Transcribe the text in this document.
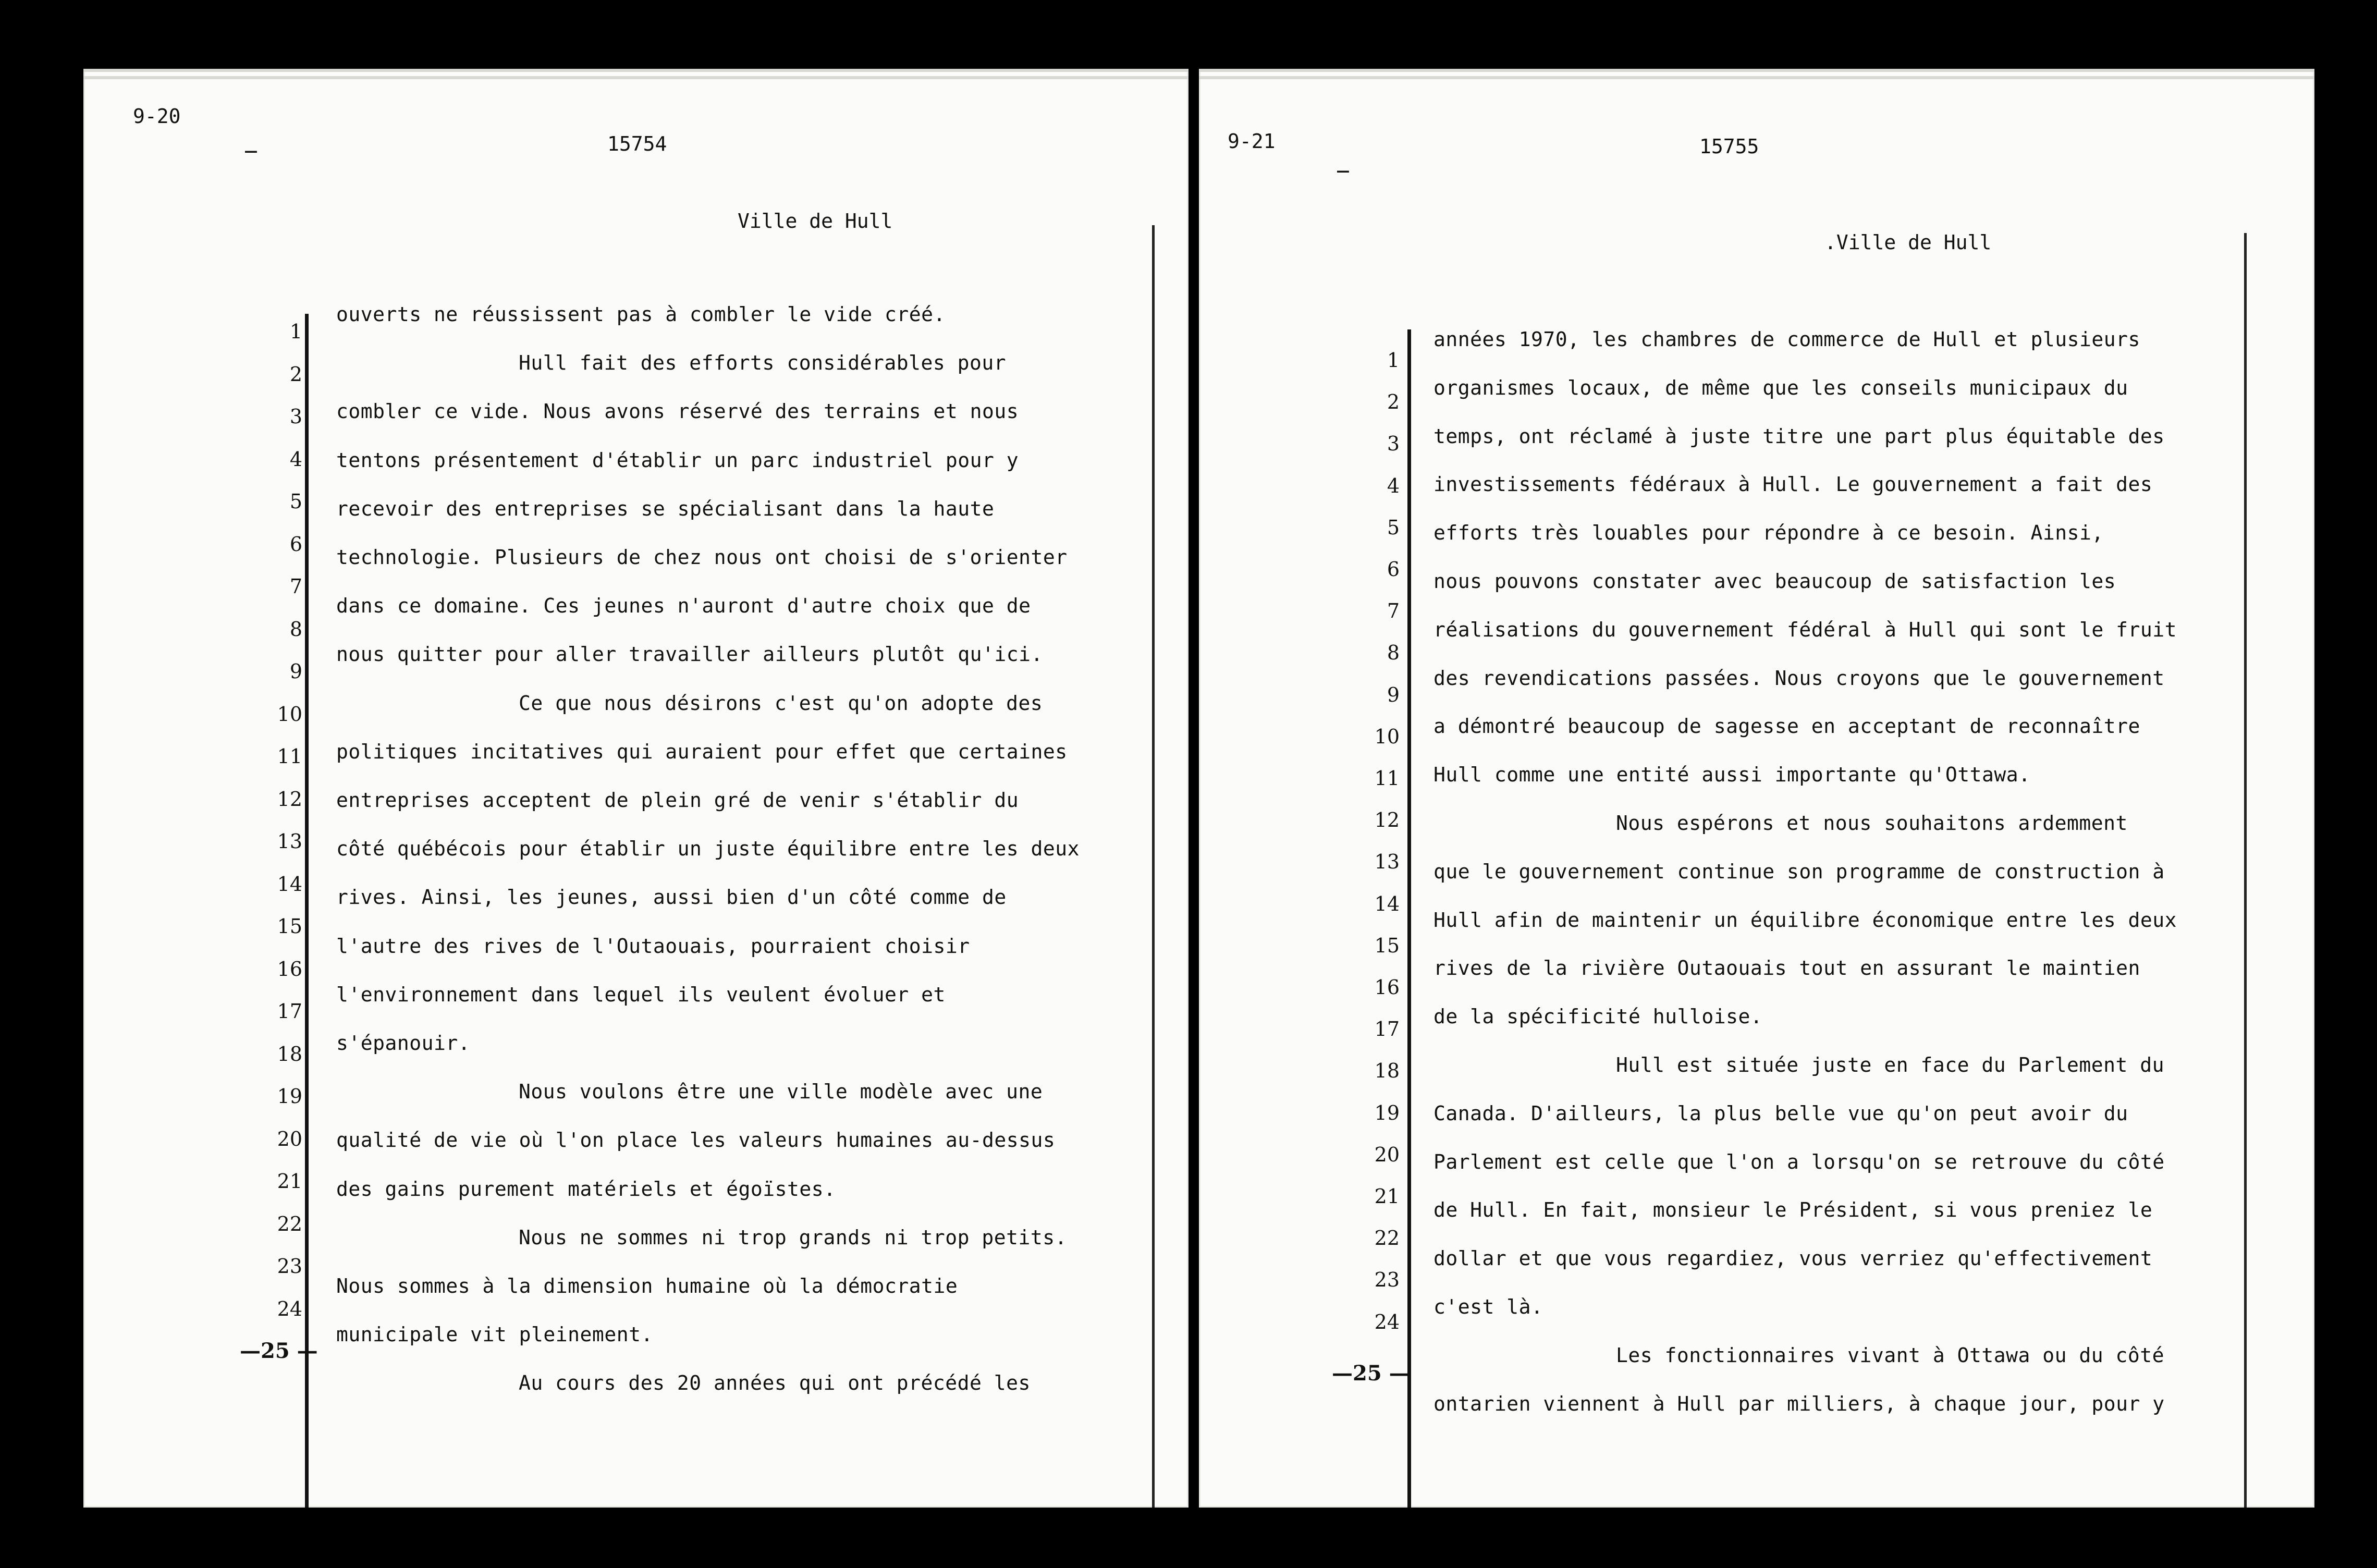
9-20
_	15754
Ville de Hull
1
2
3
4
5
6
7
8
9
10
11
12
13
14
15
16
17
18
19
20
21
22
23
24
ouverts ne réussissent pas à combler le vide créé.
Hull fait des efforts considérables pour
combler ce vide. Nous avons réservé des terrains et nous
tentons présentement d'établir un parc industriel pour y
recevoir des entreprises se spécialisant dans la haute
technologie. Plusieurs de chez nous ont choisi de s'orienter
dans ce domaine. Ces jeunes n'auront d'autre choix que de
nous quitter pour aller travailler ailleurs plutôt qu'ici.
Ce que nous désirons c'est qu'on adopte des
politiques incitatives qui auraient pour effet que certaines
entreprises acceptent de plein gré de venir s'établir du
côté québécois pour établir un juste équilibre entre les deux
rives. Ainsi, les jeunes, aussi bien d'un côté comme de
l'autre des rives de l'Outaouais, pourraient choisir
l'environnement dans lequel ils veulent évoluer et
s'épanouir.
Nous voulons être une ville modèle avec une
qualité de vie où l'on place les valeurs humaines au-dessus
des gains purement matériels et égoïstes.
Nous ne sommes ni trop grands ni trop petits.
Nous sommes à la dimension humaine où la démocratie
municipale vit pleinement.
Au cours des 20 années qui ont précédé les
—25 —
9-21
_
15755
.Ville de Hull
1
2
3
4
5
6
7
8
9
10
11
12
13
14
15
16
17
18
19
20
21
22
23
24
années 1970, les chambres de commerce de Hull et plusieurs
organismes locaux, de même que les conseils municipaux du
temps, ont réclamé à juste titre une part plus équitable des
investissements fédéraux à Hull. Le gouvernement a fait des
efforts très louables pour répondre à ce besoin. Ainsi,
nous pouvons constater avec beaucoup de satisfaction les
réalisations du gouvernement fédéral à Hull qui sont le fruit
des revendications passées. Nous croyons que le gouvernement
a démontré beaucoup de sagesse en acceptant de reconnaître
Hull comme une entité aussi importante qu'Ottawa.
Nous espérons et nous souhaitons ardemment
que le gouvernement continue son programme de construction à
Hull afin de maintenir un équilibre économique entre les deux
rives de la rivière Outaouais tout en assurant le maintien
de la spécificité hulloise.
Hull est située juste en face du Parlement du
Canada. D'ailleurs, la plus belle vue qu'on peut avoir du
Parlement est celle que l'on a lorsqu'on se retrouve du côté
de Hull. En fait, monsieur le Président, si vous preniez le
dollar et que vous regardiez, vous verriez qu'effectivement
c'est là.
Les fonctionnaires vivant à Ottawa ou du côté
ontarien viennent à Hull par milliers, à chaque jour, pour y
—25 —
